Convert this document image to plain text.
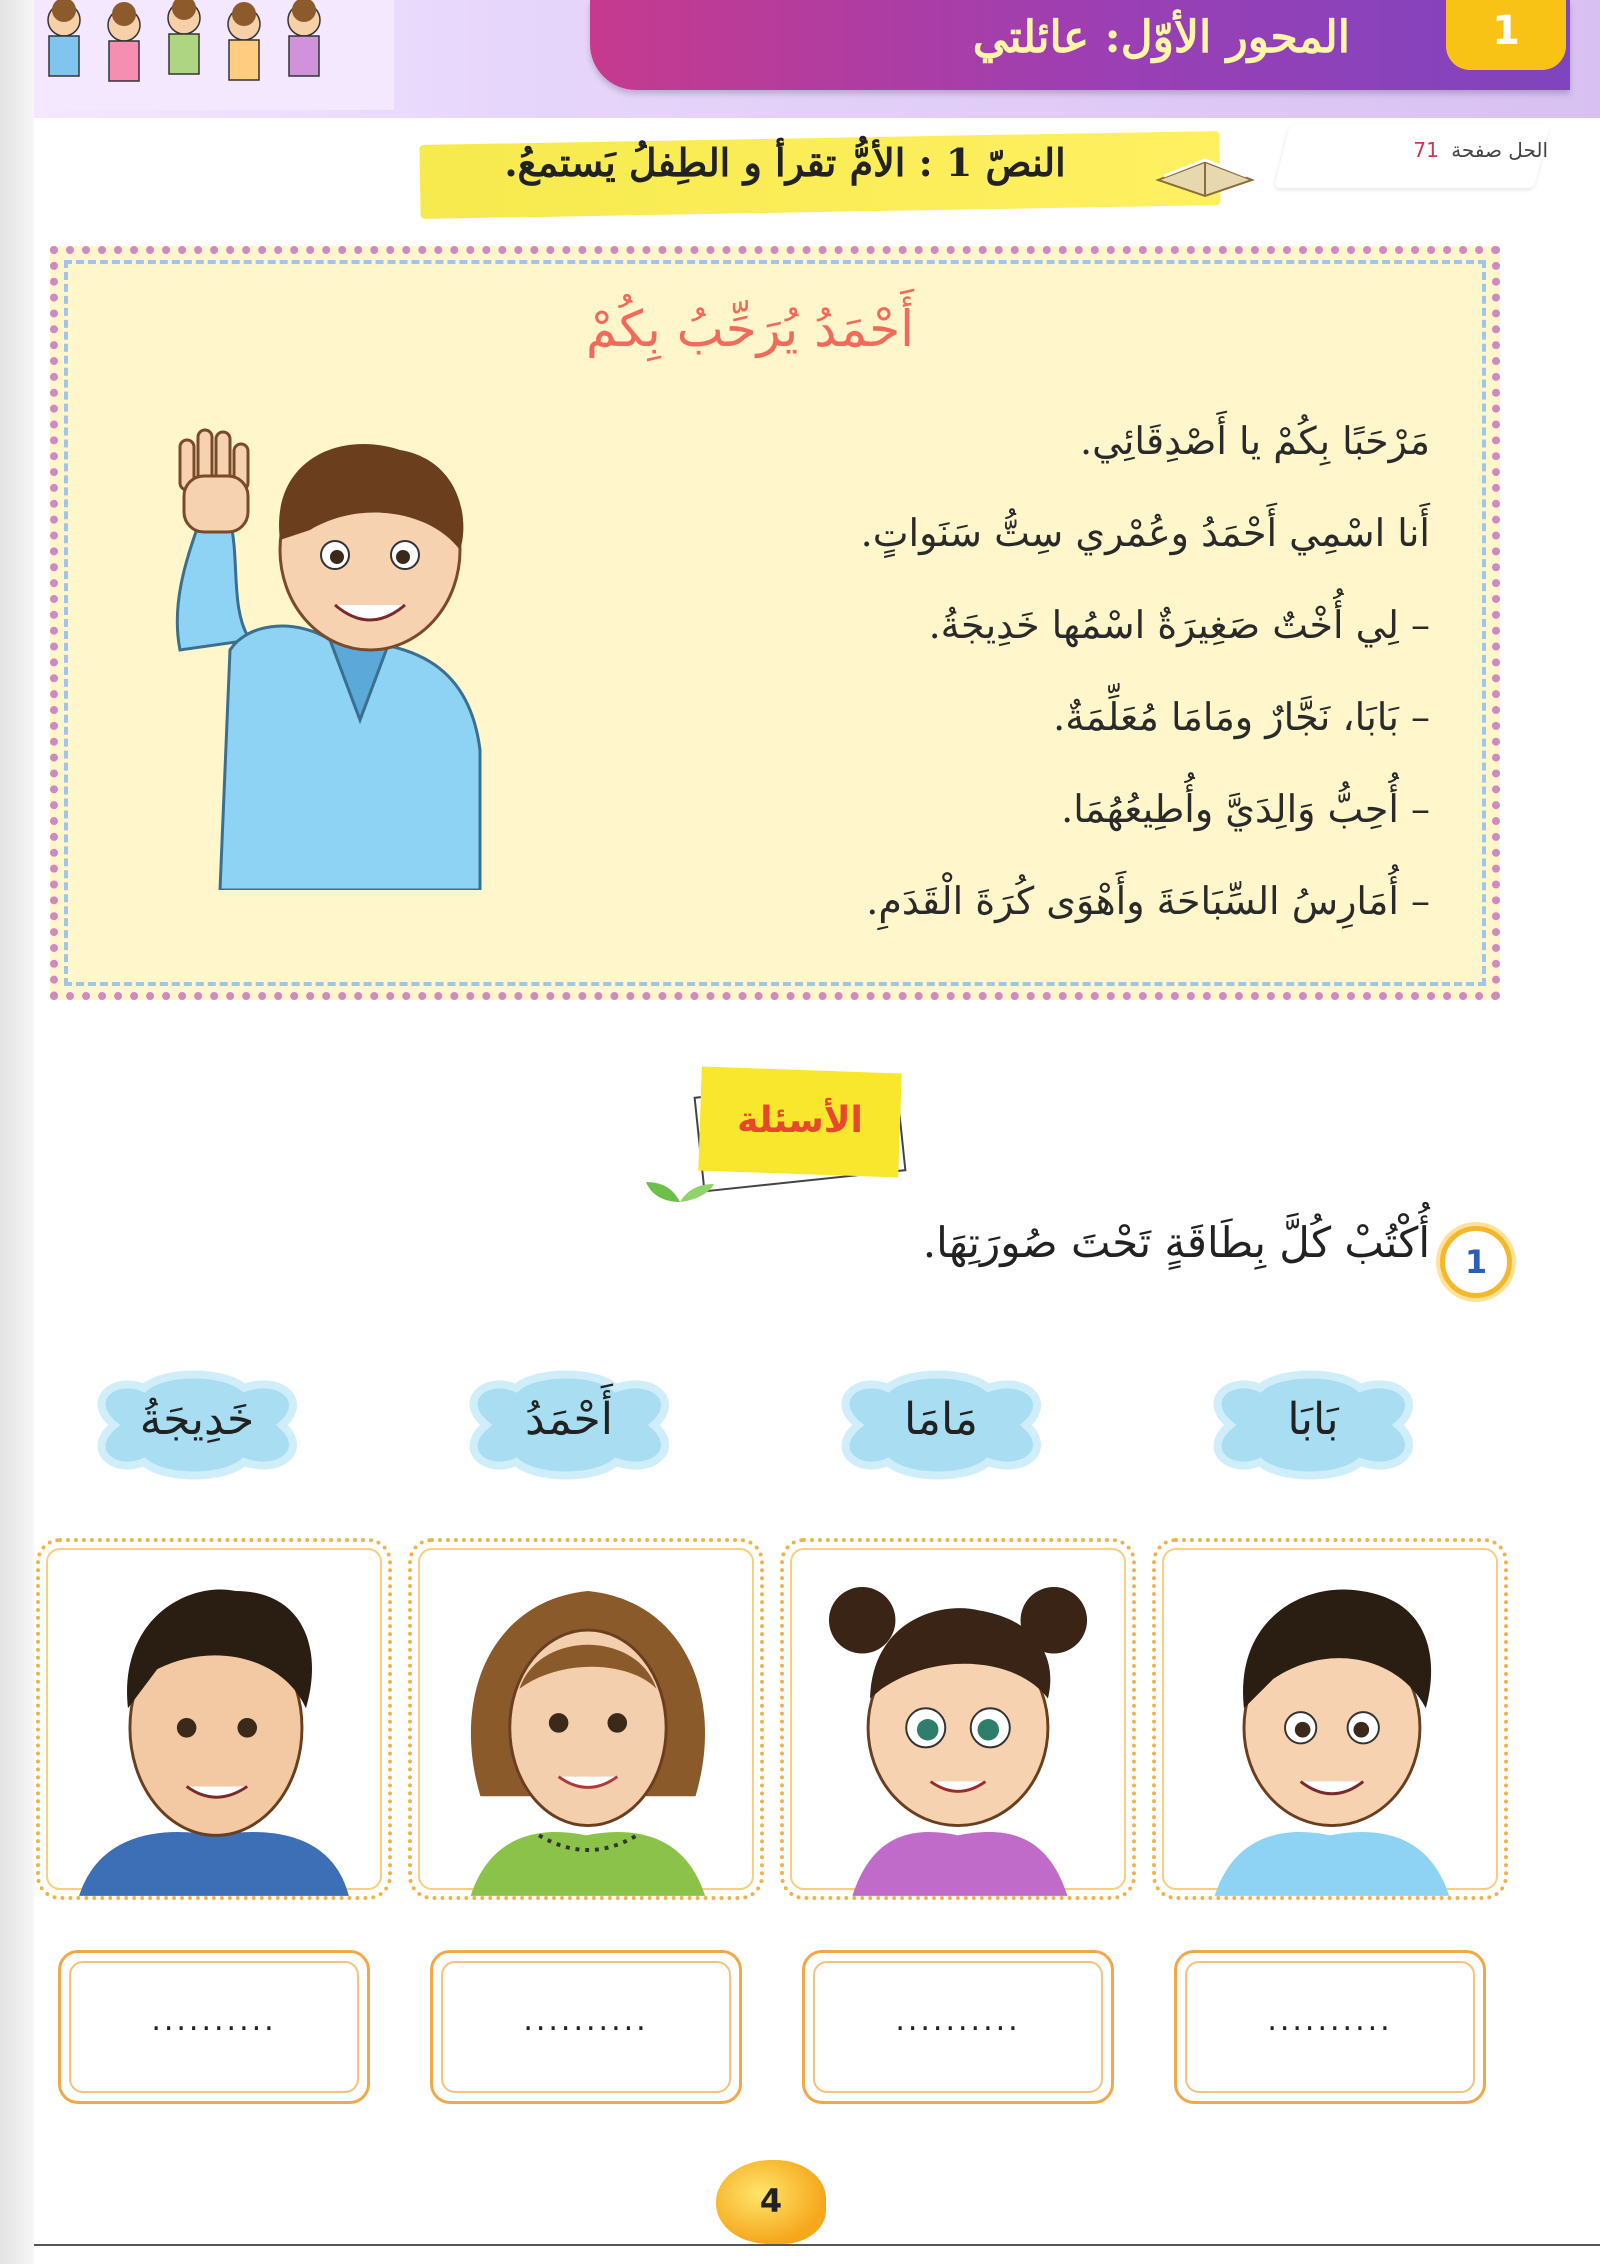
المحور الأوّل: عائلتي	1
الحل صفحة 71
النصّ 1 : الأمُّ تقرأ و الطِفلُ يَستمعُ.
أَحْمَدُ يُرَحِّبُ بِكُمْ
مَرْحَبًا بِكُمْ يا أَصْدِقَائِي.
أَنا اسْمِي أَحْمَدُ وعُمْري سِتُّ سَنَواتٍ.
– لِي أُخْتٌ صَغِيرَةٌ اسْمُها خَدِيجَةُ.
– بَابَا، نَجَّارٌ ومَامَا مُعَلِّمَةٌ.
– أُحِبُّ وَالِدَيَّ وأُطِيعُهُمَا.
– أُمَارِسُ السِّبَاحَةَ وأَهْوَى كُرَةَ الْقَدَمِ.
الأسئلة
1
أُكْتُبْ كُلَّ بِطَاقَةٍ تَحْتَ صُورَتِهَا.
خَدِيجَةُ	أَحْمَدُ	مَامَا	بَابَا
..........	..........	..........	..........
4
